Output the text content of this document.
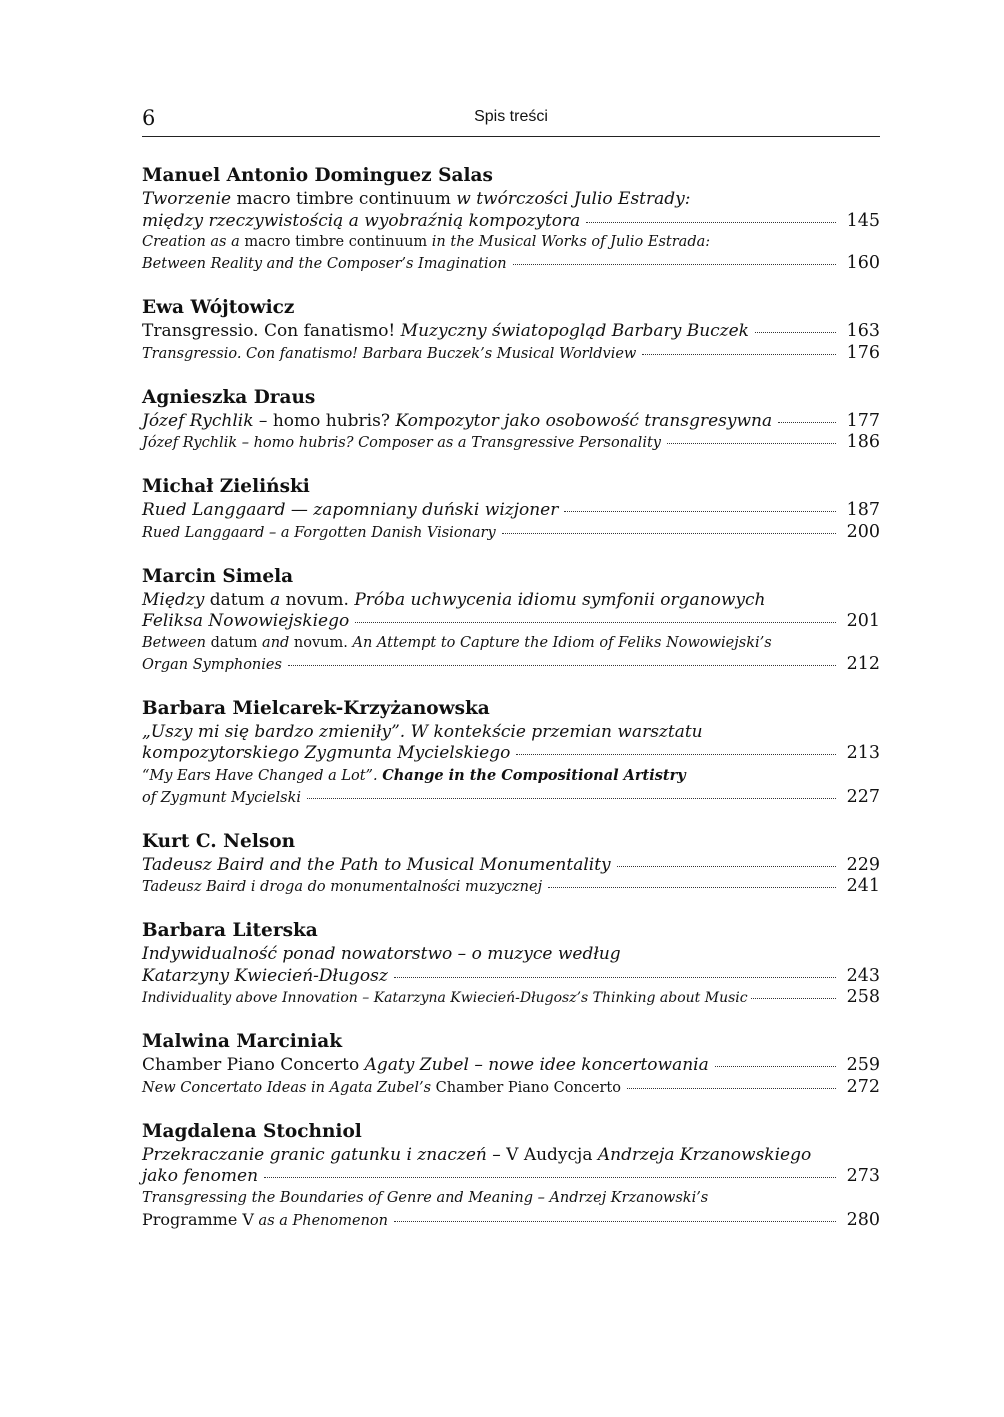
6	Spis treści
Manuel Antonio Dominguez Salas
Tworzenie macro timbre continuum w twórczości Julio Estrady:
między rzeczywistością a wyobraźnią kompozytora	145
Creation as a macro timbre continuum in the Musical Works of Julio Estrada:
Between Reality and the Composer’s Imagination	160
Ewa Wójtowicz
Transgressio. Con fanatismo! Muzyczny światopogląd Barbary Buczek	163
Transgressio. Con fanatismo! Barbara Buczek’s Musical Worldview	176
Agnieszka Draus
Józef Rychlik – homo hubris? Kompozytor jako osobowość transgresywna	177
Józef Rychlik – homo hubris? Composer as a Transgressive Personality	186
Michał Zieliński
Rued Langgaard — zapomniany duński wizjoner	187
Rued Langgaard – a Forgotten Danish Visionary	200
Marcin Simela
Między datum a novum. Próba uchwycenia idiomu symfonii organowych
Feliksa Nowowiejskiego	201
Between datum and novum. An Attempt to Capture the Idiom of Feliks Nowowiejski’s
Organ Symphonies	212
Barbara Mielcarek-Krzyżanowska
„Uszy mi się bardzo zmieniły”. W kontekście przemian warsztatu
kompozytorskiego Zygmunta Mycielskiego	213
“My Ears Have Changed a Lot”. Change in the Compositional Artistry
of Zygmunt Mycielski	227
Kurt C. Nelson
Tadeusz Baird and the Path to Musical Monumentality	229
Tadeusz Baird i droga do monumentalności muzycznej	241
Barbara Literska
Indywidualność ponad nowatorstwo – o muzyce według
Katarzyny Kwiecień-Długosz	243
Individuality above Innovation – Katarzyna Kwiecień-Długosz’s Thinking about Music	258
Malwina Marciniak
Chamber Piano Concerto Agaty Zubel – nowe idee koncertowania	259
New Concertato Ideas in Agata Zubel’s Chamber Piano Concerto	272
Magdalena Stochniol
Przekraczanie granic gatunku i znaczeń – V Audycja Andrzeja Krzanowskiego
jako fenomen	273
Transgressing the Boundaries of Genre and Meaning – Andrzej Krzanowski’s
Programme V as a Phenomenon	280
